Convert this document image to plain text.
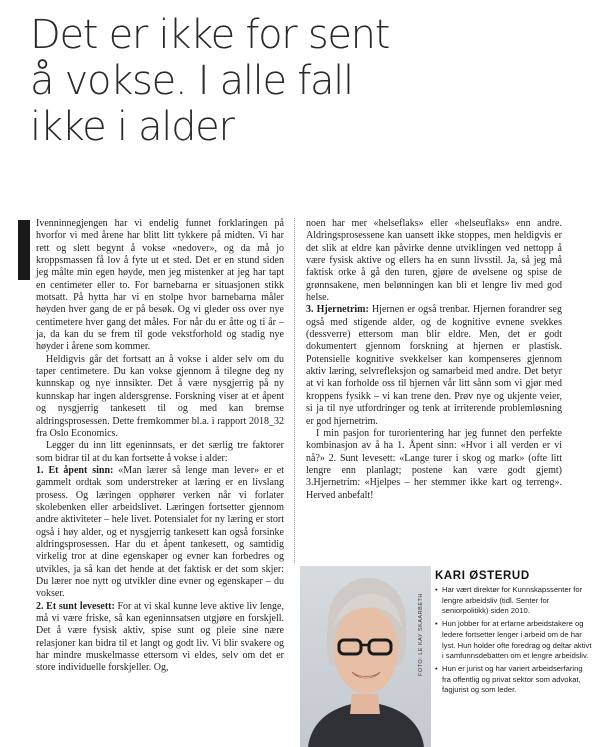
Det er ikke for sent
å vokse. I alle fall
ikke i alder

Ivenninnegjengen har vi endelig funnet forklaringen på hvorfor vi med årene har blitt litt tykkere på midten. Vi har rett og slett begynt å vokse «nedover», og da må jo kroppsmassen få lov å fyte ut et sted. Det er en stund siden jeg målte min egen høyde, men jeg mistenker at jeg har tapt en centimeter eller to. For barnebarna er situasjonen stikk motsatt. På hytta har vi en stolpe hvor barnebarna måler høyden hver gang de er på besøk. Og vi gleder oss over nye centimetere hver gang det måles. For når du er åtte og ti år – ja, da kan du se frem til gode vekstforhold og stadig nye høyder i årene som kommer.

Heldigvis går det fortsatt an å vokse i alder selv om du taper centimetere. Du kan vokse gjennom å tilegne deg ny kunnskap og nye innsikter. Det å være nysgjerrig på ny kunnskap har ingen aldersgrense. Forskning viser at et åpent og nysgjerrig tankesett til og med kan bremse aldringsprosessen. Dette fremkommer bl.a. i rapport 2018_32 fra Oslo Economics.

Legger du inn litt egeninnsats, er det særlig tre faktorer som bidrar til at du kan fortsette å vokse i alder:

1. Et åpent sinn: «Man lærer så lenge man lever» er et gammelt ordtak som understreker at læring er en livslang prosess. Og læringen opphører verken når vi forlater skolebenken eller arbeidslivet. Læringen fortsetter gjennom andre aktiviteter – hele livet. Potensialet for ny læring er stort også i høy alder, og et nysgjerrig tankesett kan også forsinke aldringsprosessen. Har du et åpent tankesett, og samtidig virkelig tror at dine egenskaper og evner kan forbedres og utvikles, ja så kan det hende at det faktisk er det som skjer: Du lærer noe nytt og utvikler dine evner og egenskaper – du vokser.

2. Et sunt levesett: For at vi skal kunne leve aktive liv lenge, må vi være friske, så kan egeninnsatsen utgjøre en forskjell. Det å være fysisk aktiv, spise sunt og pleie sine nære relasjoner kan bidra til et langt og godt liv. Vi blir svakere og har mindre muskelmasse ettersom vi eldes, selv om det er store individuelle forskjeller. Og,

noen har mer «helseflaks» eller «helseuflaks» enn andre. Aldringsprosessene kan uansett ikke stoppes, men heldigvis er det slik at eldre kan påvirke denne utviklingen ved nettopp å være fysisk aktive og ellers ha en sunn livsstil. Ja, så jeg må faktisk orke å gå den turen, gjøre de øvelsene og spise de grønnsakene, men belønningen kan bli et lengre liv med god helse.

3. Hjernetrim: Hjernen er også trenbar. Hjernen forandrer seg også med stigende alder, og de kognitive evnene svekkes (dessverre) ettersom man blir eldre. Men, det er godt dokumentert gjennom forskning at hjernen er plastisk. Potensielle kognitive svekkelser kan kompenseres gjennom aktiv læring, selvrefleksjon og samarbeid med andre. Det betyr at vi kan forholde oss til hjernen vår litt sånn som vi gjør med kroppens fysikk – vi kan trene den. Prøv nye og ukjente veier, si ja til nye utfordringer og tenk at irriterende problemløsning er god hjernetrim.

I min pasjon for turorientering har jeg funnet den perfekte kombinasjon av å ha 1. Åpent sinn: «Hvor i all verden er vi nå?» 2. Sunt levesett: «Lange turer i skog og mark» (ofte litt lengre enn planlagt; postene kan være godt gjemt) 3.Hjernetrim: «Hjelpes – her stemmer ikke kart og terreng». Herved anbefalt!

FOTO: LE KAY SKAARBETH
KARI ØSTERUD
• Har vært direktør for Kunnskapssenter for lengre arbeidsliv (tidl. Senter for seniorpolitikk) siden 2010.
• Hun jobber for at erfarne arbeidstakere og ledere fortsetter lenger i arbeid om de har lyst. Hun holder ofte foredrag og deltar aktivt i samfunnsdebatten om et lengre arbeidsliv.
• Hun er jurist og har variert arbeidserfaring fra offentlig og privat sektor som advokat, fagjurist og som leder.
